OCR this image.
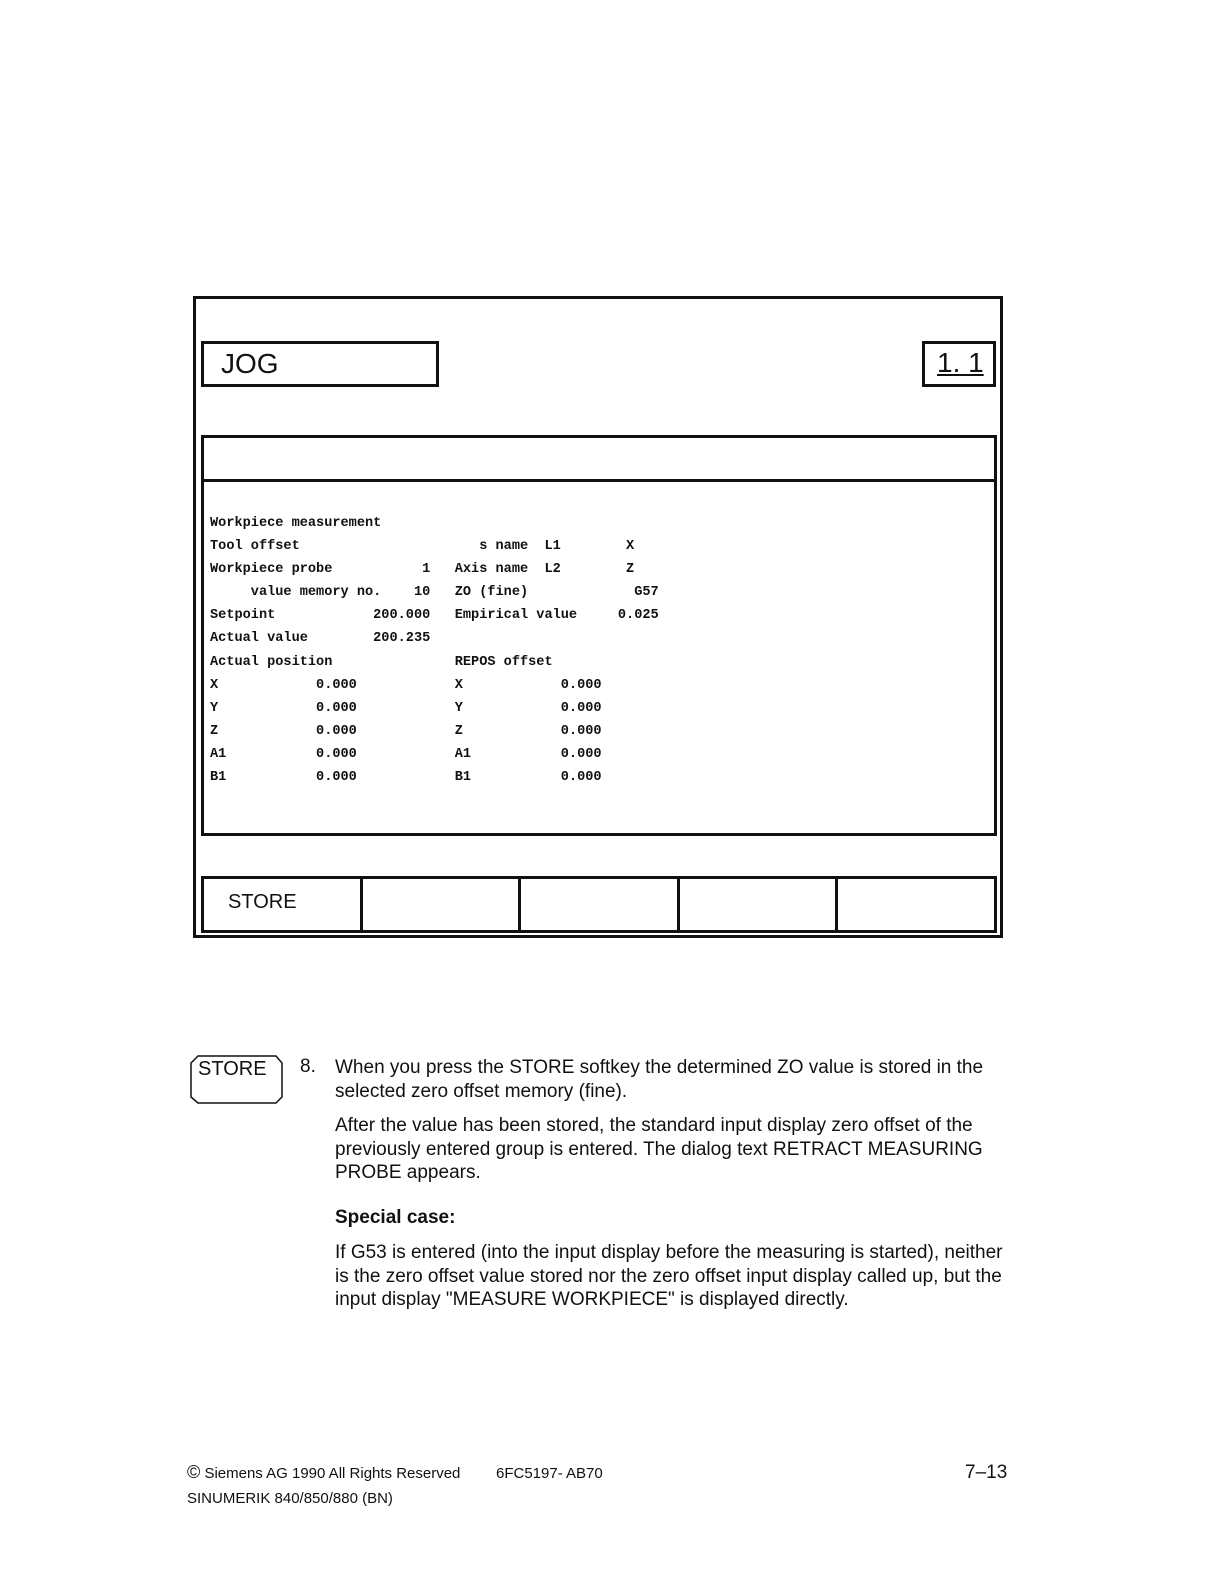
JOG	1. 1
Workpiece measurement
Tool offset                      s name  L1        X
Workpiece probe           1   Axis name  L2        Z
value memory no.    10   ZO (fine)             G57
Setpoint            200.000   Empirical value     0.025
Actual value        200.235
Actual position               REPOS offset
X            0.000            X            0.000
Y            0.000            Y            0.000
Z            0.000            Z            0.000
A1           0.000            A1           0.000
B1           0.000            B1           0.000
STORE
STORE 8. When you press the STORE softkey the determined ZO value is stored in the selected zero offset memory (fine).

After the value has been stored, the standard input display zero offset of the previously entered group is entered. The dialog text RETRACT MEASURING PROBE appears.

Special case:

If G53 is entered (into the input display before the measuring is started), neither is the zero offset value stored nor the zero offset input display called up, but the input display "MEASURE WORKPIECE" is displayed directly.

© Siemens AG 1990 All Rights Reserved 6FC5197- AB70
SINUMERIK 840/850/880 (BN)
7–13
